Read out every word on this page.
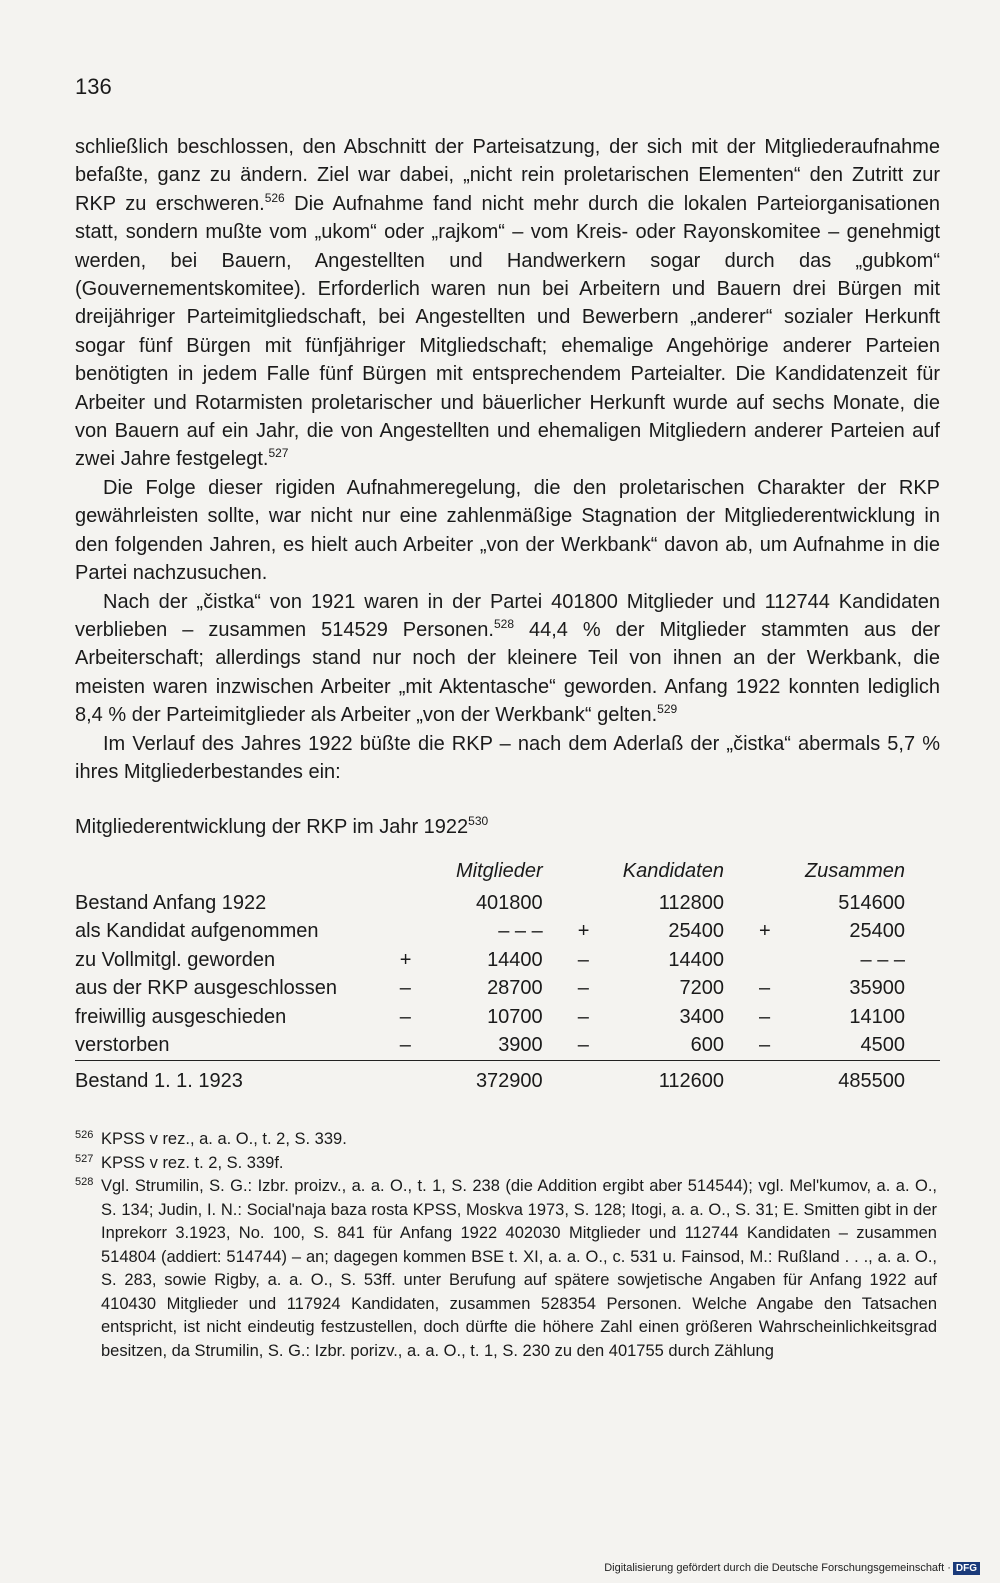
136

schließlich beschlossen, den Abschnitt der Parteisatzung, der sich mit der Mitgliederaufnahme befaßte, ganz zu ändern. Ziel war dabei, „nicht rein proletarischen Elementen“ den Zutritt zur RKP zu erschweren.$^{526}$ Die Aufnahme fand nicht mehr durch die lokalen Parteiorganisationen statt, sondern mußte vom „ukom“ oder „rajkom“ – vom Kreis- oder Rayonskomitee – genehmigt werden, bei Bauern, Angestellten und Handwerkern sogar durch das „gubkom“ (Gouvernementskomitee). Erforderlich waren nun bei Arbeitern und Bauern drei Bürgen mit dreijähriger Parteimitgliedschaft, bei Angestellten und Bewerbern „anderer“ sozialer Herkunft sogar fünf Bürgen mit fünfjähriger Mitgliedschaft; ehemalige Angehörige anderer Parteien benötigten in jedem Falle fünf Bürgen mit entsprechendem Parteialter. Die Kandidatenzeit für Arbeiter und Rotarmisten proletarischer und bäuerlicher Herkunft wurde auf sechs Monate, die von Bauern auf ein Jahr, die von Angestellten und ehemaligen Mitgliedern anderer Parteien auf zwei Jahre festgelegt.$^{527}$

Die Folge dieser rigiden Aufnahmeregelung, die den proletarischen Charakter der RKP gewährleisten sollte, war nicht nur eine zahlenmäßige Stagnation der Mitgliederentwicklung in den folgenden Jahren, es hielt auch Arbeiter „von der Werkbank“ davon ab, um Aufnahme in die Partei nachzusuchen.

Nach der „čistka“ von 1921 waren in der Partei 401800 Mitglieder und 112744 Kandidaten verblieben – zusammen 514529 Personen.$^{528}$ 44,4 % der Mitglieder stammten aus der Arbeiterschaft; allerdings stand nur noch der kleinere Teil von ihnen an der Werkbank, die meisten waren inzwischen Arbeiter „mit Aktentasche“ geworden. Anfang 1922 konnten lediglich 8,4 % der Parteimitglieder als Arbeiter „von der Werkbank“ gelten.$^{529}$

Im Verlauf des Jahres 1922 büßte die RKP – nach dem Aderlaß der „čistka“ abermals 5,7 % ihres Mitgliederbestandes ein:

Mitgliederentwicklung der RKP im Jahr 1922$^{530}$
	Mitglieder	Kandidaten	Zusammen
Bestand Anfang 1922	401800	112800	514600

als Kandidat aufgenommen	– – –	+ 25400	+ 25400

zu Vollmitgl. geworden	+ 14400	– 14400	– – –

aus der RKP ausgeschlossen	– 28700	– 7200	– 35900

freiwillig ausgeschieden	– 10700	– 3400	– 14100

verstorben	– 3900	– 600	– 4500

Bestand 1. 1. 1923	372900	112600	485500
526 KPSS v rez., a. a. O., t. 2, S. 339.
527 KPSS v rez. t. 2, S. 339f.
528 Vgl. Strumilin, S. G.: Izbr. proizv., a. a. O., t. 1, S. 238 (die Addition ergibt aber 514544); vgl. Mel'kumov, a. a. O., S. 134; Judin, I. N.: Social'naja baza rosta KPSS, Moskva 1973, S. 128; Itogi, a. a. O., S. 31; E. Smitten gibt in der Inprekorr 3.1923, No. 100, S. 841 für Anfang 1922 402030 Mitglieder und 112744 Kandidaten – zusammen 514804 (addiert: 514744) – an; dagegen kommen BSE t. XI, a. a. O., c. 531 u. Fainsod, M.: Rußland . . ., a. a. O., S. 283, sowie Rigby, a. a. O., S. 53ff. unter Berufung auf spätere sowjetische Angaben für Anfang 1922 auf 410430 Mitglieder und 117924 Kandidaten, zusammen 528354 Personen. Welche Angabe den Tatsachen entspricht, ist nicht eindeutig festzustellen, doch dürfte die höhere Zahl einen größeren Wahrscheinlichkeitsgrad besitzen, da Strumilin, S. G.: Izbr. porizv., a. a. O., t. 1, S. 230 zu den 401755 durch Zählung
Digitalisierung gefördert durch die Deutsche Forschungsgemeinschaft · DFG
